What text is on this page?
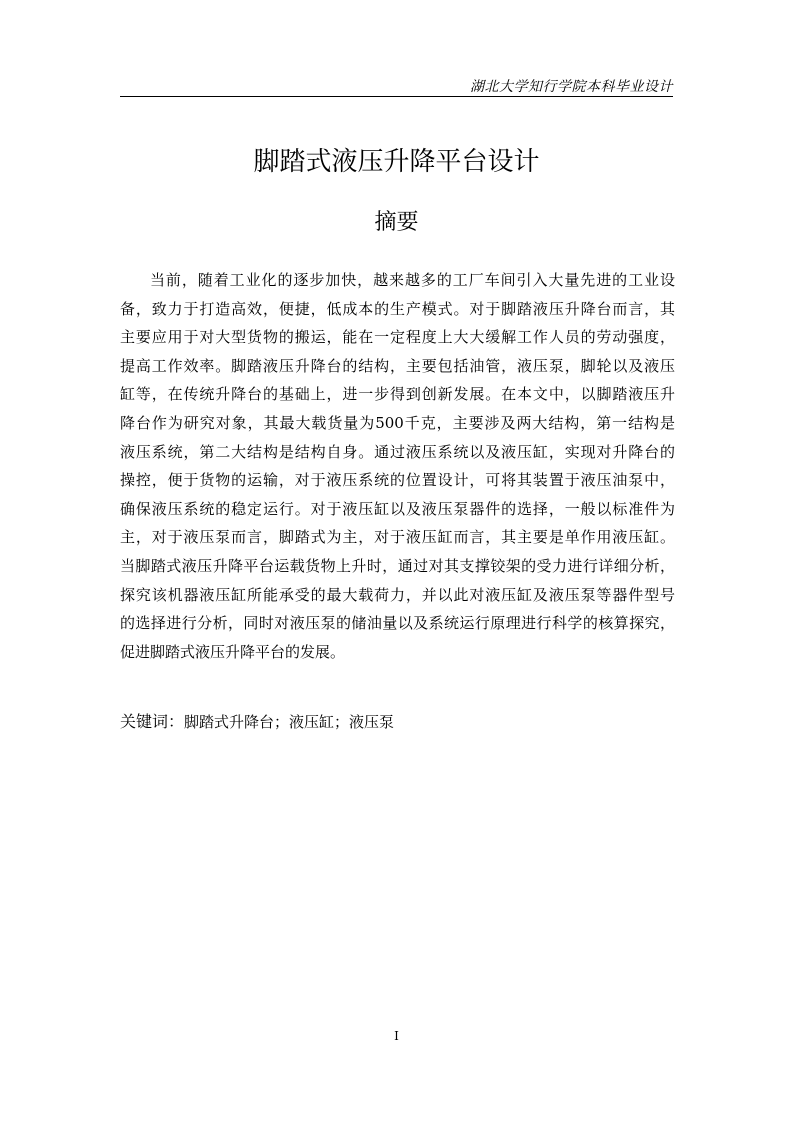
湖北大学知行学院本科毕业设计
脚踏式液压升降平台设计
摘要
当前，随着工业化的逐步加快，越来越多的工厂车间引入大量先进的工业设
备，致力于打造高效，便捷，低成本的生产模式。对于脚踏液压升降台而言，其
主要应用于对大型货物的搬运，能在一定程度上大大缓解工作人员的劳动强度，
提高工作效率。脚踏液压升降台的结构，主要包括油管，液压泵，脚轮以及液压
缸等，在传统升降台的基础上，进一步得到创新发展。在本文中，以脚踏液压升
降台作为研究对象，其最大载货量为500千克，主要涉及两大结构，第一结构是
液压系统，第二大结构是结构自身。通过液压系统以及液压缸，实现对升降台的
操控，便于货物的运输，对于液压系统的位置设计，可将其装置于液压油泵中，
确保液压系统的稳定运行。对于液压缸以及液压泵器件的选择，一般以标准件为
主，对于液压泵而言，脚踏式为主，对于液压缸而言，其主要是单作用液压缸。
当脚踏式液压升降平台运载货物上升时，通过对其支撑铰架的受力进行详细分析，
探究该机器液压缸所能承受的最大载荷力，并以此对液压缸及液压泵等器件型号
的选择进行分析，同时对液压泵的储油量以及系统运行原理进行科学的核算探究，
促进脚踏式液压升降平台的发展。
关键词：脚踏式升降台；液压缸；液压泵
I
